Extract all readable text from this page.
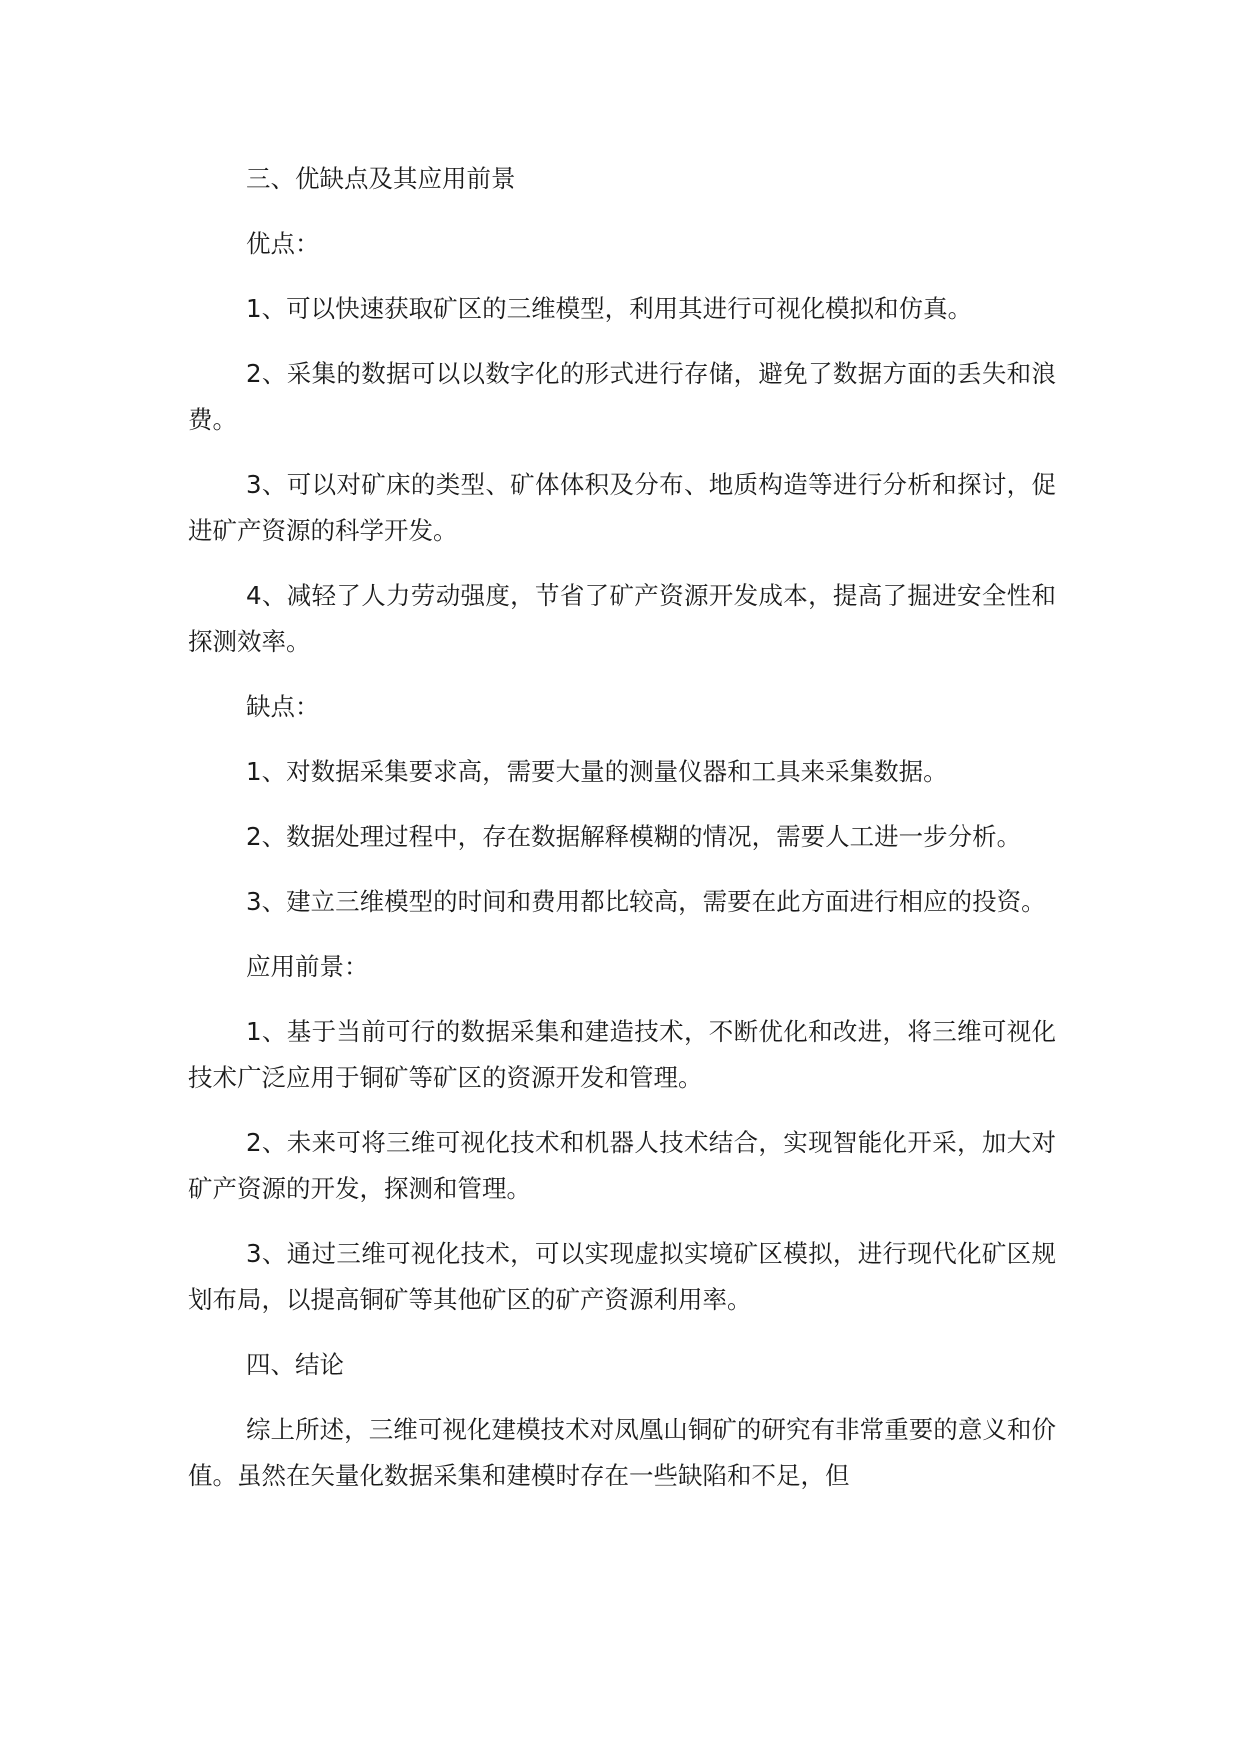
三、优缺点及其应用前景

优点：

1、可以快速获取矿区的三维模型，利用其进行可视化模拟和仿真。

2、采集的数据可以以数字化的形式进行存储，避免了数据方面的丢失和浪费。

3、可以对矿床的类型、矿体体积及分布、地质构造等进行分析和探讨，促进矿产资源的科学开发。

4、减轻了人力劳动强度，节省了矿产资源开发成本，提高了掘进安全性和探测效率。

缺点：

1、对数据采集要求高，需要大量的测量仪器和工具来采集数据。

2、数据处理过程中，存在数据解释模糊的情况，需要人工进一步分析。

3、建立三维模型的时间和费用都比较高，需要在此方面进行相应的投资。

应用前景：

1、基于当前可行的数据采集和建造技术，不断优化和改进，将三维可视化技术广泛应用于铜矿等矿区的资源开发和管理。

2、未来可将三维可视化技术和机器人技术结合，实现智能化开采，加大对矿产资源的开发，探测和管理。

3、通过三维可视化技术，可以实现虚拟实境矿区模拟，进行现代化矿区规划布局，以提高铜矿等其他矿区的矿产资源利用率。

四、结论

综上所述，三维可视化建模技术对凤凰山铜矿的研究有非常重要的意义和价值。虽然在矢量化数据采集和建模时存在一些缺陷和不足，但
